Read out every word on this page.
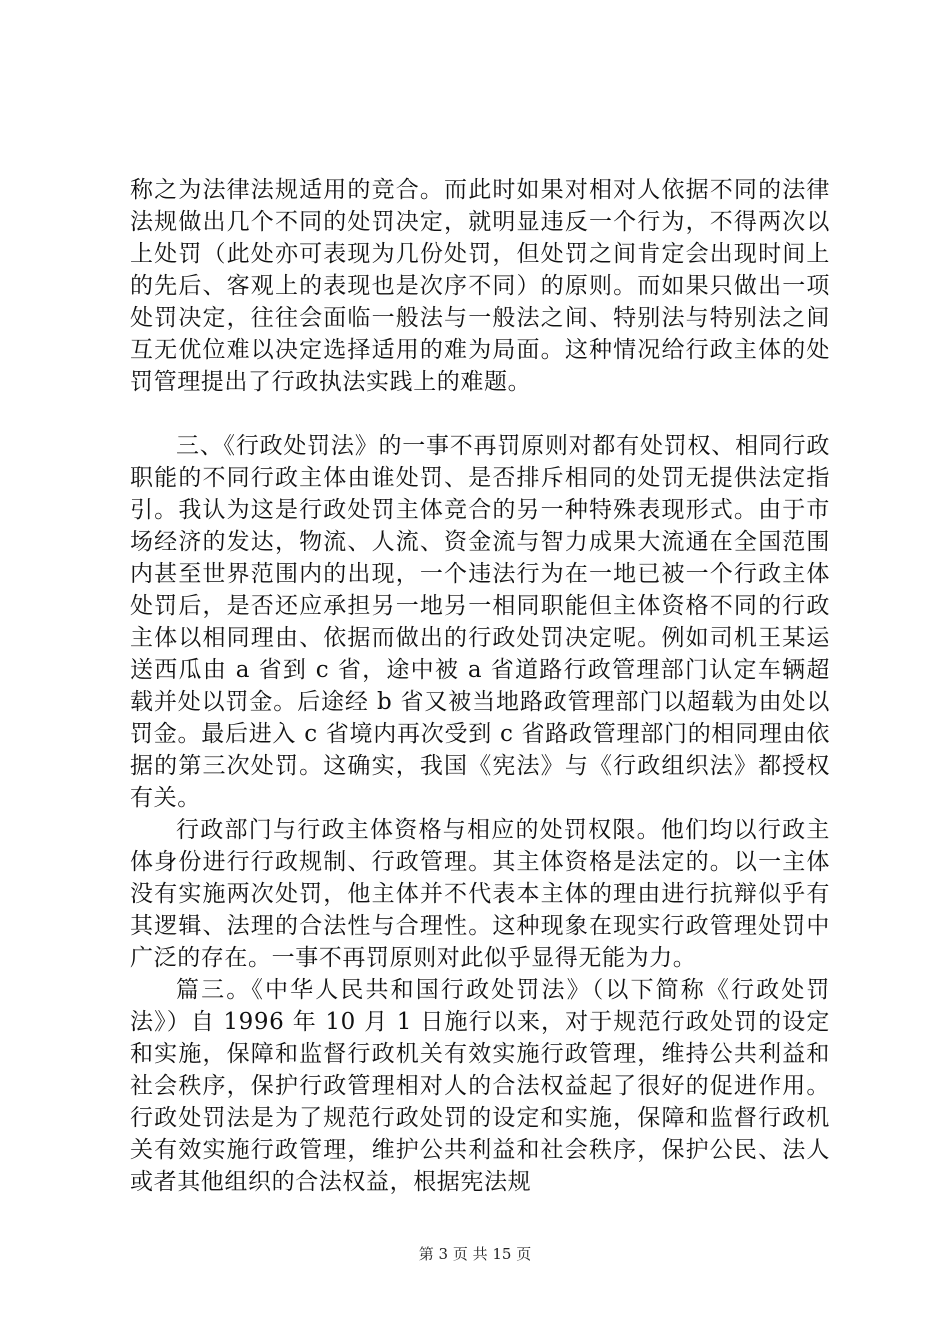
称之为法律法规适用的竞合。而此时如果对相对人依据不同的法律法规做出几个不同的处罚决定，就明显违反一个行为，不得两次以上处罚（此处亦可表现为几份处罚，但处罚之间肯定会出现时间上的先后、客观上的表现也是次序不同）的原则。而如果只做出一项处罚决定，往往会面临一般法与一般法之间、特别法与特别法之间互无优位难以决定选择适用的难为局面。这种情况给行政主体的处罚管理提出了行政执法实践上的难题。

三、《行政处罚法》的一事不再罚原则对都有处罚权、相同行政职能的不同行政主体由谁处罚、是否排斥相同的处罚无提供法定指引。我认为这是行政处罚主体竞合的另一种特殊表现形式。由于市场经济的发达，物流、人流、资金流与智力成果大流通在全国范围内甚至世界范围内的出现，一个违法行为在一地已被一个行政主体处罚后，是否还应承担另一地另一相同职能但主体资格不同的行政主体以相同理由、依据而做出的行政处罚决定呢。例如司机王某运送西瓜由 a 省到 c 省，途中被 a 省道路行政管理部门认定车辆超载并处以罚金。后途经 b 省又被当地路政管理部门以超载为由处以罚金。最后进入 c 省境内再次受到 c 省路政管理部门的相同理由依据的第三次处罚。这确实，我国《宪法》与《行政组织法》都授权有关。

行政部门与行政主体资格与相应的处罚权限。他们均以行政主体身份进行行政规制、行政管理。其主体资格是法定的。以一主体没有实施两次处罚，他主体并不代表本主体的理由进行抗辩似乎有其逻辑、法理的合法性与合理性。这种现象在现实行政管理处罚中广泛的存在。一事不再罚原则对此似乎显得无能为力。

篇三。《中华人民共和国行政处罚法》（以下简称《行政处罚法》）自 1996 年 10 月 1 日施行以来，对于规范行政处罚的设定和实施，保障和监督行政机关有效实施行政管理，维持公共利益和社会秩序，保护行政管理相对人的合法权益起了很好的促进作用。行政处罚法是为了规范行政处罚的设定和实施，保障和监督行政机关有效实施行政管理，维护公共利益和社会秩序，保护公民、法人或者其他组织的合法权益，根据宪法规

第 3 页 共 15 页
